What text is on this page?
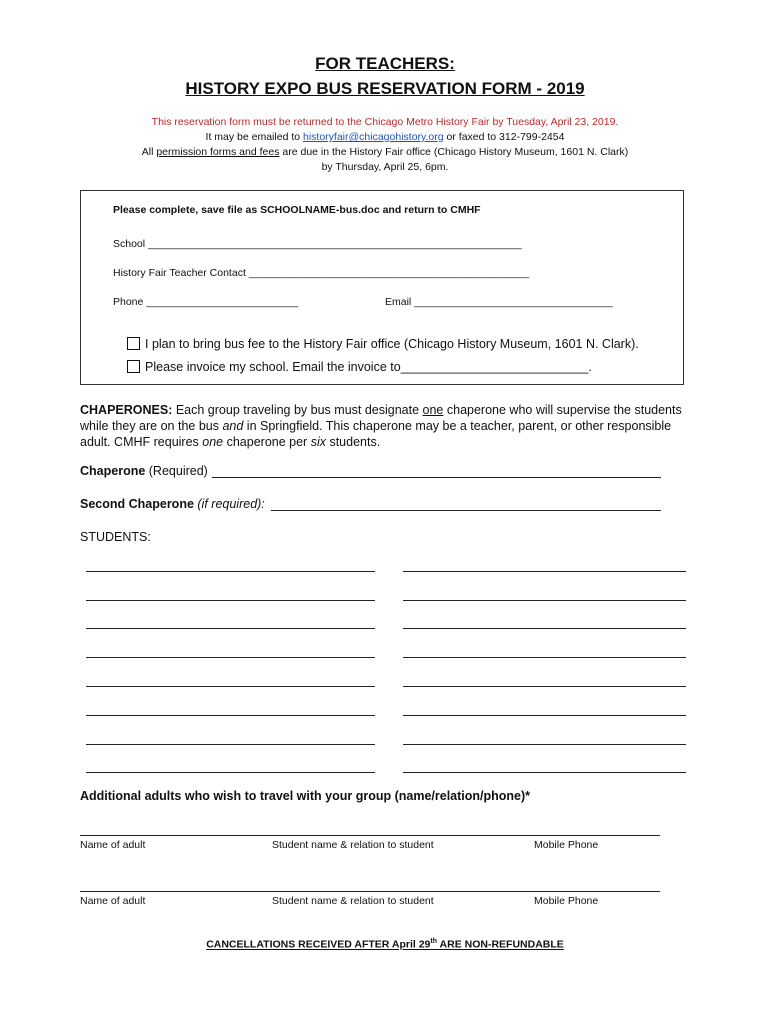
FOR TEACHERS:
HISTORY EXPO BUS RESERVATION FORM - 2019
This reservation form must be returned to the Chicago Metro History Fair by Tuesday, April 23, 2019.
It may be emailed to historyfair@chicagohistory.org or faxed to 312-799-2454
All permission forms and fees are due in the History Fair office (Chicago History Museum, 1601 N. Clark)
by Thursday, April 25, 6pm.
Please complete, save file as SCHOOLNAME-bus.doc and return to CMHF
School ________________________________________________________________
History Fair Teacher Contact ________________________________________________
Phone __________________________	Email __________________________________
I plan to bring bus fee to the History Fair office (Chicago History Museum, 1601 N. Clark).
Please invoice my school. Email the invoice to___________________________.
CHAPERONES: Each group traveling by bus must designate one chaperone who will supervise the students while they are on the bus and in Springfield. This chaperone may be a teacher, parent, or other responsible adult. CMHF requires one chaperone per six students.
Chaperone (Required)
Second Chaperone (if required):
STUDENTS:
Additional adults who wish to travel with your group (name/relation/phone)*
Name of adult	Student name & relation to student	Mobile Phone
Name of adult	Student name & relation to student	Mobile Phone
CANCELLATIONS RECEIVED AFTER April 29th ARE NON-REFUNDABLE
